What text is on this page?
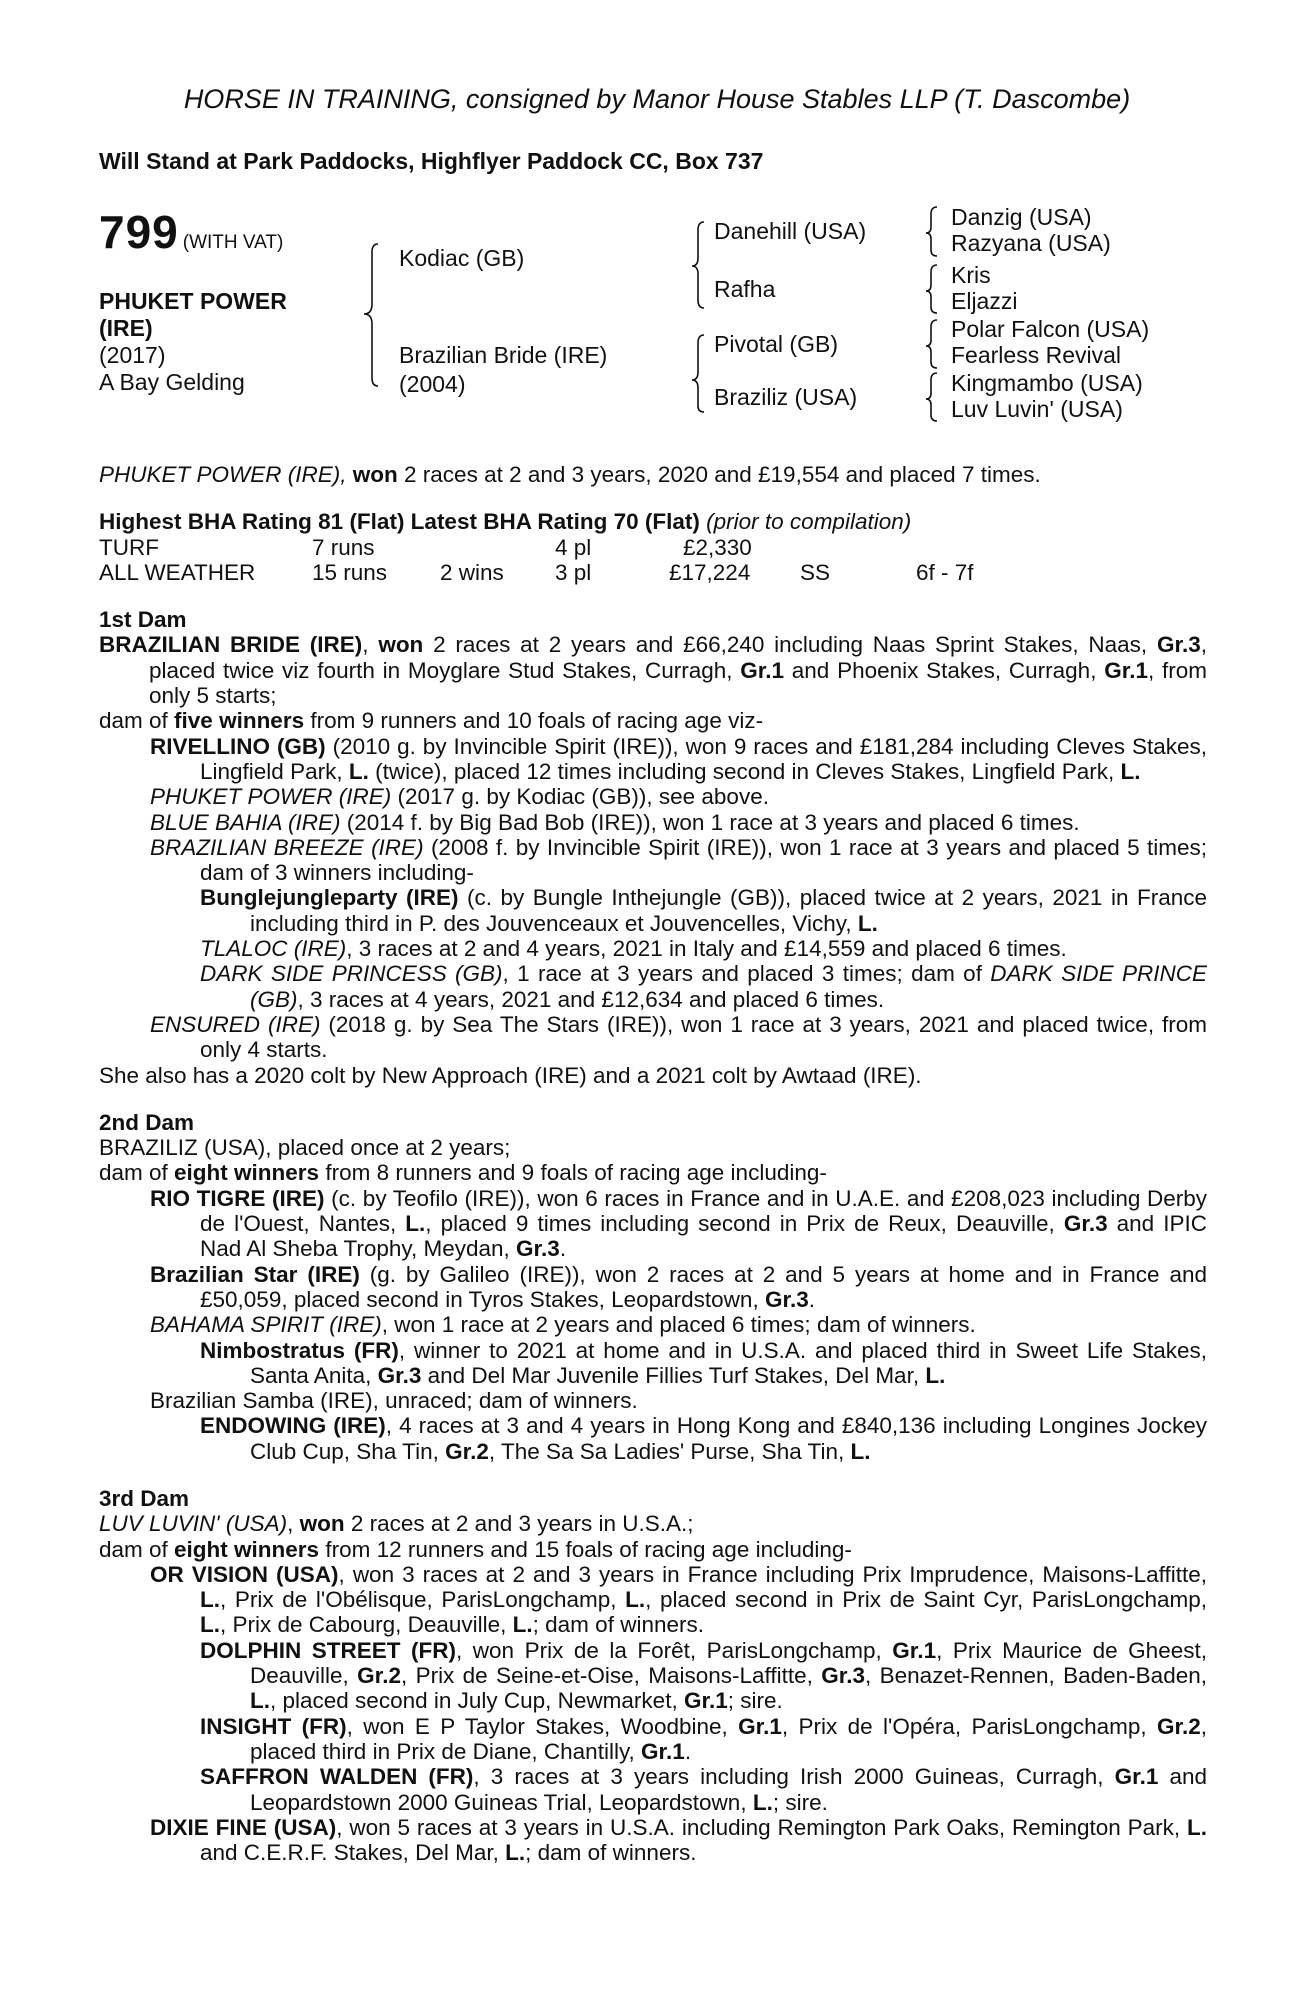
HORSE IN TRAINING, consigned by Manor House Stables LLP (T. Dascombe)
Will Stand at Park Paddocks, Highflyer Paddock CC, Box 737
799 (WITH VAT)
PHUKET POWER
(IRE)
(2017)
A Bay Gelding
Kodiac (GB)
Brazilian Bride (IRE)
(2004)
Danehill (USA)
Rafha
Pivotal (GB)
Braziliz (USA)
Danzig (USA)
Razyana (USA)
Kris
Eljazzi
Polar Falcon (USA)
Fearless Revival
Kingmambo (USA)
Luv Luvin' (USA)

PHUKET POWER (IRE), won 2 races at 2 and 3 years, 2020 and £19,554 and placed 7 times.

Highest BHA Rating 81 (Flat) Latest BHA Rating 70 (Flat) (prior to compilation)

TURF	7 runs	4 pl	£2,330
ALL WEATHER	15 runs 2 wins 3 pl	£17,224 SS	6f - 7f

1st Dam

BRAZILIAN BRIDE (IRE), won 2 races at 2 years and £66,240 including Naas Sprint Stakes, Naas, Gr.3, placed twice viz fourth in Moyglare Stud Stakes, Curragh, Gr.1 and Phoenix Stakes, Curragh, Gr.1, from only 5 starts;

dam of five winners from 9 runners and 10 foals of racing age viz-

RIVELLINO (GB) (2010 g. by Invincible Spirit (IRE)), won 9 races and £181,284 including Cleves Stakes, Lingfield Park, L. (twice), placed 12 times including second in Cleves Stakes, Lingfield Park, L.

PHUKET POWER (IRE) (2017 g. by Kodiac (GB)), see above.

BLUE BAHIA (IRE) (2014 f. by Big Bad Bob (IRE)), won 1 race at 3 years and placed 6 times.

BRAZILIAN BREEZE (IRE) (2008 f. by Invincible Spirit (IRE)), won 1 race at 3 years and placed 5 times; dam of 3 winners including-

Bunglejungleparty (IRE) (c. by Bungle Inthejungle (GB)), placed twice at 2 years, 2021 in France including third in P. des Jouvenceaux et Jouvencelles, Vichy, L.

TLALOC (IRE), 3 races at 2 and 4 years, 2021 in Italy and £14,559 and placed 6 times.

DARK SIDE PRINCESS (GB), 1 race at 3 years and placed 3 times; dam of DARK SIDE PRINCE (GB), 3 races at 4 years, 2021 and £12,634 and placed 6 times.

ENSURED (IRE) (2018 g. by Sea The Stars (IRE)), won 1 race at 3 years, 2021 and placed twice, from only 4 starts.

She also has a 2020 colt by New Approach (IRE) and a 2021 colt by Awtaad (IRE).

2nd Dam

BRAZILIZ (USA), placed once at 2 years;

dam of eight winners from 8 runners and 9 foals of racing age including-

RIO TIGRE (IRE) (c. by Teofilo (IRE)), won 6 races in France and in U.A.E. and £208,023 including Derby de l'Ouest, Nantes, L., placed 9 times including second in Prix de Reux, Deauville, Gr.3 and IPIC Nad Al Sheba Trophy, Meydan, Gr.3.

Brazilian Star (IRE) (g. by Galileo (IRE)), won 2 races at 2 and 5 years at home and in France and £50,059, placed second in Tyros Stakes, Leopardstown, Gr.3.

BAHAMA SPIRIT (IRE), won 1 race at 2 years and placed 6 times; dam of winners.

Nimbostratus (FR), winner to 2021 at home and in U.S.A. and placed third in Sweet Life Stakes, Santa Anita, Gr.3 and Del Mar Juvenile Fillies Turf Stakes, Del Mar, L.

Brazilian Samba (IRE), unraced; dam of winners.

ENDOWING (IRE), 4 races at 3 and 4 years in Hong Kong and £840,136 including Longines Jockey Club Cup, Sha Tin, Gr.2, The Sa Sa Ladies' Purse, Sha Tin, L.

3rd Dam

LUV LUVIN' (USA), won 2 races at 2 and 3 years in U.S.A.;

dam of eight winners from 12 runners and 15 foals of racing age including-

OR VISION (USA), won 3 races at 2 and 3 years in France including Prix Imprudence, Maisons-Laffitte, L., Prix de l'Obélisque, ParisLongchamp, L., placed second in Prix de Saint Cyr, ParisLongchamp, L., Prix de Cabourg, Deauville, L.; dam of winners.

DOLPHIN STREET (FR), won Prix de la Forêt, ParisLongchamp, Gr.1, Prix Maurice de Gheest, Deauville, Gr.2, Prix de Seine-et-Oise, Maisons-Laffitte, Gr.3, Benazet-Rennen, Baden-Baden, L., placed second in July Cup, Newmarket, Gr.1; sire.

INSIGHT (FR), won E P Taylor Stakes, Woodbine, Gr.1, Prix de l'Opéra, ParisLongchamp, Gr.2, placed third in Prix de Diane, Chantilly, Gr.1.

SAFFRON WALDEN (FR), 3 races at 3 years including Irish 2000 Guineas, Curragh, Gr.1 and Leopardstown 2000 Guineas Trial, Leopardstown, L.; sire.

DIXIE FINE (USA), won 5 races at 3 years in U.S.A. including Remington Park Oaks, Remington Park, L. and C.E.R.F. Stakes, Del Mar, L.; dam of winners.
